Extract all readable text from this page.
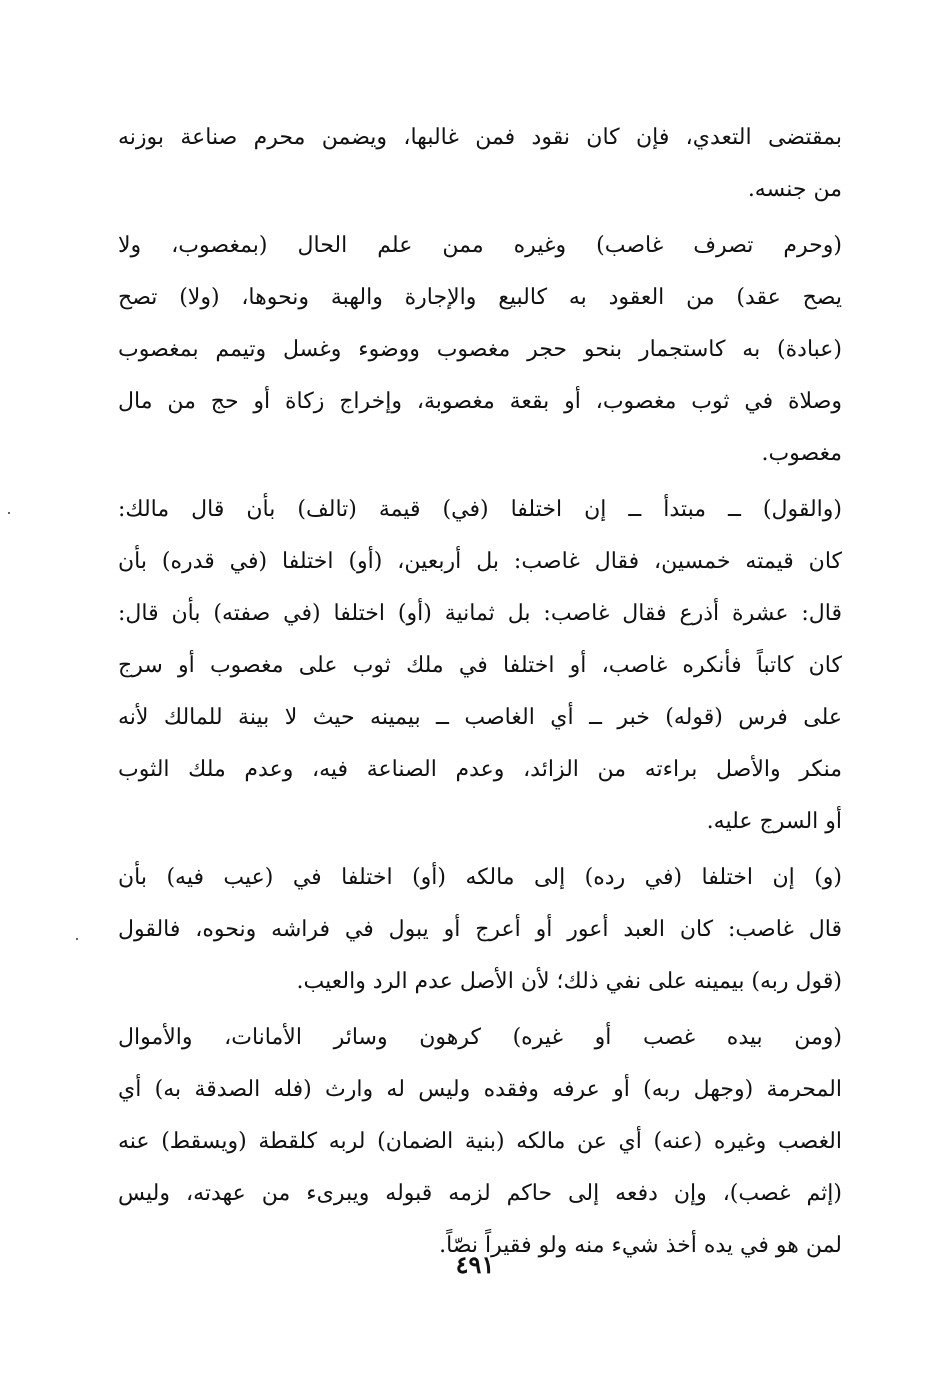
بمقتضى التعدي، فإن كان نقود فمن غالبها، ويضمن محرم صناعة بوزنه
من جنسه.
(وحرم تصرف غاصب) وغيره ممن علم الحال (بمغصوب، ولا
يصح عقد) من العقود به كالبيع والإجارة والهبة ونحوها، (ولا) تصح
(عبادة) به كاستجمار بنحو حجر مغصوب ووضوء وغسل وتيمم بمغصوب
وصلاة في ثوب مغصوب، أو بقعة مغصوبة، وإخراج زكاة أو حج من مال
مغصوب.
(والقول) ــ مبتدأ ــ إن اختلفا (في) قيمة (تالف) بأن قال مالك:
كان قيمته خمسين، فقال غاصب: بل أربعين، (أو) اختلفا (في قدره) بأن
قال: عشرة أذرع فقال غاصب: بل ثمانية (أو) اختلفا (في صفته) بأن قال:
كان كاتباً فأنكره غاصب، أو اختلفا في ملك ثوب على مغصوب أو سرج
على فرس (قوله) خبر ــ أي الغاصب ــ بيمينه حيث لا بينة للمالك لأنه
منكر والأصل براءته من الزائد، وعدم الصناعة فيه، وعدم ملك الثوب
أو السرج عليه.
(و) إن اختلفا (في رده) إلى مالكه (أو) اختلفا في (عيب فيه) بأن
قال غاصب: كان العبد أعور أو أعرج أو يبول في فراشه ونحوه، فالقول
(قول ربه) بيمينه على نفي ذلك؛ لأن الأصل عدم الرد والعيب.
(ومن بيده غصب أو غيره) كرهون وسائر الأمانات، والأموال
المحرمة (وجهل ربه) أو عرفه وفقده وليس له وارث (فله الصدقة به) أي
الغصب وغيره (عنه) أي عن مالكه (بنية الضمان) لربه كلقطة (ويسقط) عنه
(إثم غصب)، وإن دفعه إلى حاكم لزمه قبوله ويبرىء من عهدته، وليس
لمن هو في يده أخذ شيء منه ولو فقيراً نصّاً.
٤٩١
